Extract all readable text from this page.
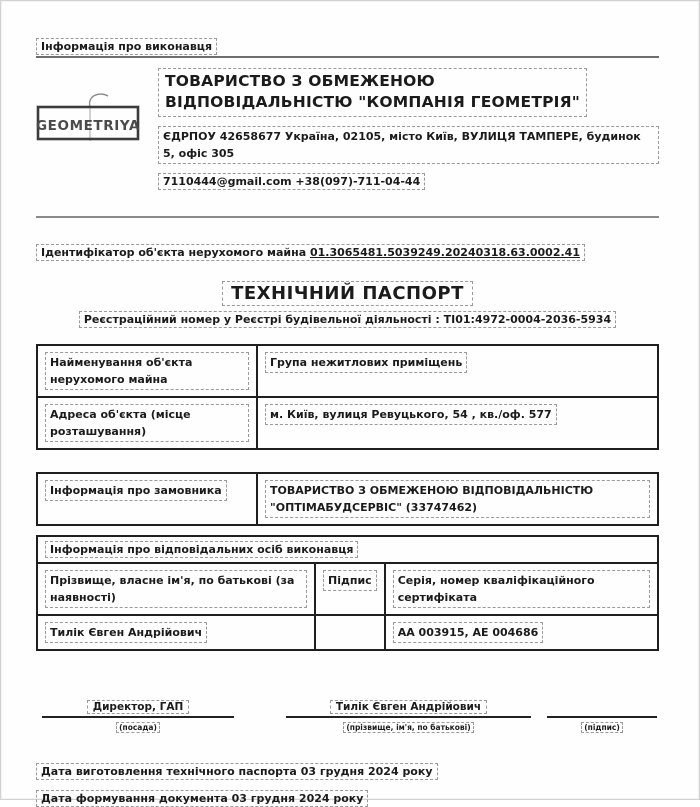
Інформація про виконавця
GEOMETRIYA
ТОВАРИСТВО З ОБМЕЖЕНОЮ
ВІДПОВІДАЛЬНІСТЮ "КОМПАНІЯ ГЕОМЕТРІЯ"
ЄДРПОУ 42658677 Україна, 02105, місто Київ, ВУЛИЦЯ ТАМПЕРЕ, будинок 5, офіс 305
7110444@gmail.com +38(097)-711-04-44
Ідентифікатор об'єкта нерухомого майна 01.3065481.5039249.20240318.63.0002.41
ТЕХНІЧНИЙ ПАСПОРТ
Реєстраційний номер у Реєстрі будівельної діяльності : ТІ01:4972-0004-2036-5934
Найменування об'єкта нерухомого майна	Група нежитлових приміщень
Адреса об'єкта (місце розташування)	м. Київ, вулиця Ревуцького, 54 , кв./оф. 577
Інформація про замовника	ТОВАРИСТВО З ОБМЕЖЕНОЮ ВІДПОВІДАЛЬНІСТЮ "ОПТІМАБУДСЕРВІС" (33747462)
Інформація про відповідальних осіб виконавця		
Прізвище, власне ім'я, по батькові (за наявності)	Підпис	Серія, номер кваліфікаційного сертифіката
Тилік Євген Андрійович		АА 003915, АЕ 004686
Директор, ГАП
(посада)
Тилік Євген Андрійович
(прізвище, ім'я, по батькові)
	(підпис)
Дата виготовлення технічного паспорта 03 грудня 2024 року
Дата формування документа 03 грудня 2024 року
